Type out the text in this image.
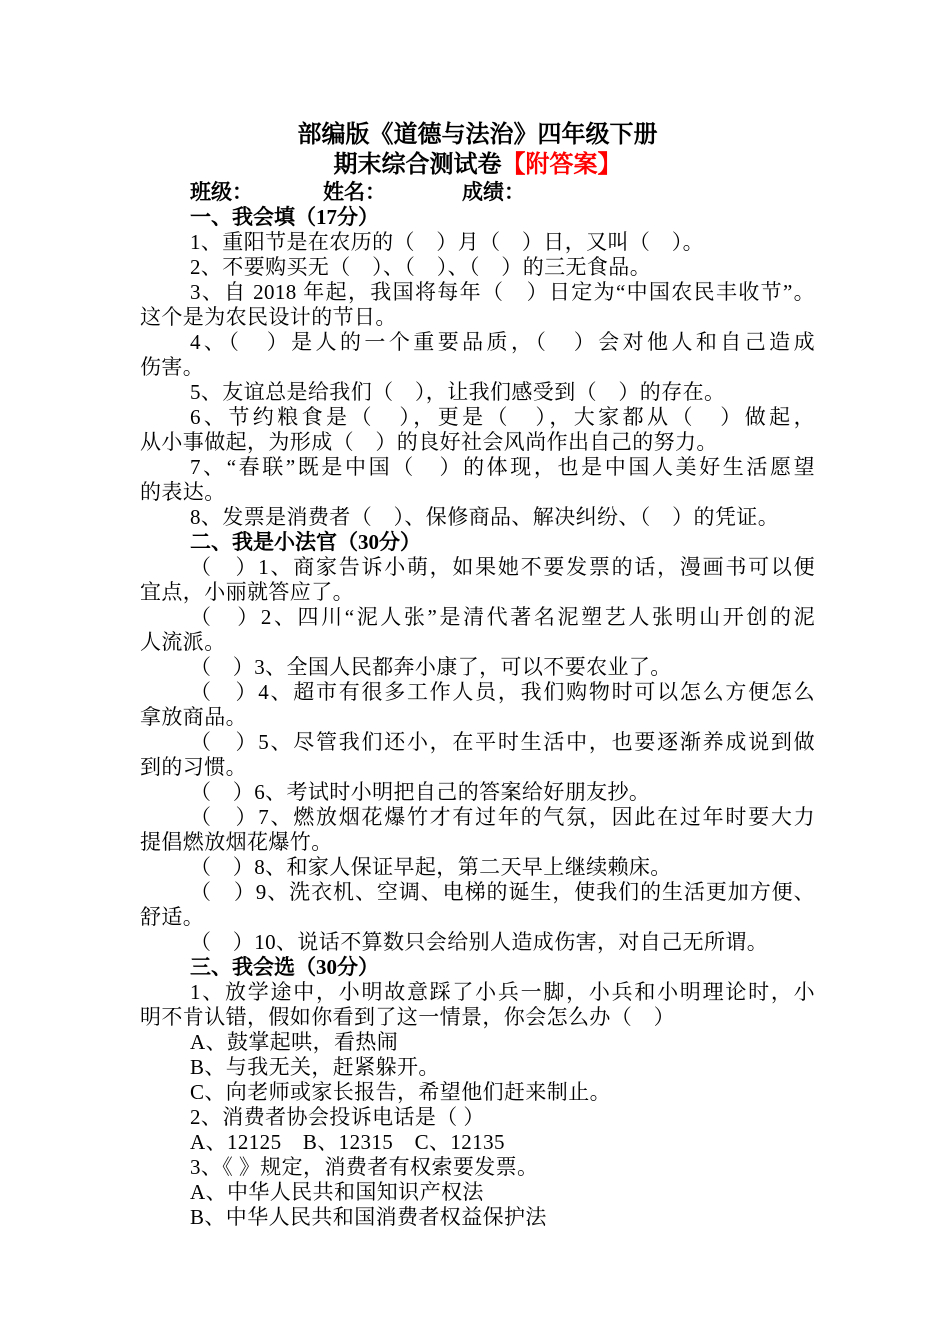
部编版《道德与法治》四年级下册
期末综合测试卷【附答案】
班级：	姓名：	成绩：
一、我会填（17分）
1、重阳节是在农历的（　）月（　）日，又叫（　）。
2、不要购买无（　）、（　）、（　）的三无食品。
3、自 2018 年起，我国将每年（　）日定为“中国农民丰收节”。
这个是为农民设计的节日。
4、（　）是人的一个重要品质，（　）会对他人和自己造成
伤害。
5、友谊总是给我们（　），让我们感受到（　）的存在。
6、节约粮食是（　），更是（　），大家都从（　）做起，
从小事做起，为形成（　）的良好社会风尚作出自己的努力。
7、“春联”既是中国（　）的体现，也是中国人美好生活愿望
的表达。
8、发票是消费者（　）、保修商品、解决纠纷、（　）的凭证。
二、我是小法官（30分）
（　）1、商家告诉小萌，如果她不要发票的话，漫画书可以便
宜点，小丽就答应了。
（　）2、四川“泥人张”是清代著名泥塑艺人张明山开创的泥
人流派。
（　）3、全国人民都奔小康了，可以不要农业了。
（　）4、超市有很多工作人员，我们购物时可以怎么方便怎么
拿放商品。
（　）5、尽管我们还小，在平时生活中，也要逐渐养成说到做
到的习惯。
（　）6、考试时小明把自己的答案给好朋友抄。
（　）7、燃放烟花爆竹才有过年的气氛，因此在过年时要大力
提倡燃放烟花爆竹。
（　）8、和家人保证早起，第二天早上继续赖床。
（　）9、洗衣机、空调、电梯的诞生，使我们的生活更加方便、
舒适。
（　）10、说话不算数只会给别人造成伤害，对自己无所谓。
三、我会选（30分）
1、放学途中，小明故意踩了小兵一脚，小兵和小明理论时，小
明不肯认错，假如你看到了这一情景，你会怎么办（　）
A、鼓掌起哄，看热闹
B、与我无关，赶紧躲开。
C、向老师或家长报告，希望他们赶来制止。
2、消费者协会投诉电话是（ ）
A、12125　B、12315　C、12135
3、《 》规定，消费者有权索要发票。
A、中华人民共和国知识产权法
B、中华人民共和国消费者权益保护法
